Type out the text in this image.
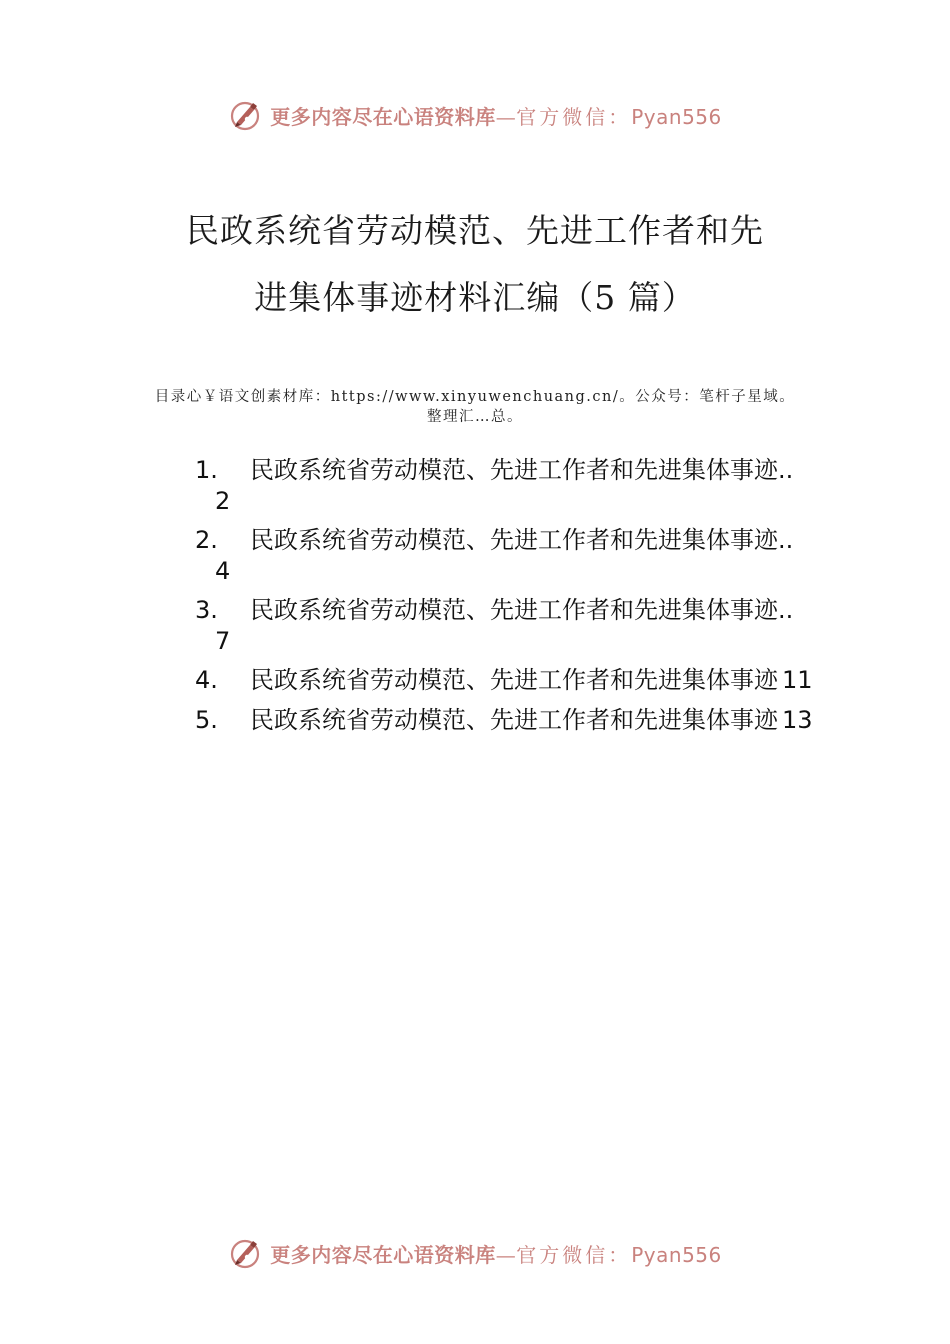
更多内容尽在心语资料库—官方微信：Pyan556
民政系统省劳动模范、先进工作者和先
进集体事迹材料汇编（5 篇）
目录心￥语文创素材库：https://www.xinyuwenchuang.cn/。公众号：笔杆子星域。
整理汇…总。
1.	民政系统省劳动模范、先进工作者和先进集体事迹..
2
2.	民政系统省劳动模范、先进工作者和先进集体事迹..
4
3.	民政系统省劳动模范、先进工作者和先进集体事迹..
7
4.	民政系统省劳动模范、先进工作者和先进集体事迹 11
5.	民政系统省劳动模范、先进工作者和先进集体事迹 13
更多内容尽在心语资料库—官方微信：Pyan556
